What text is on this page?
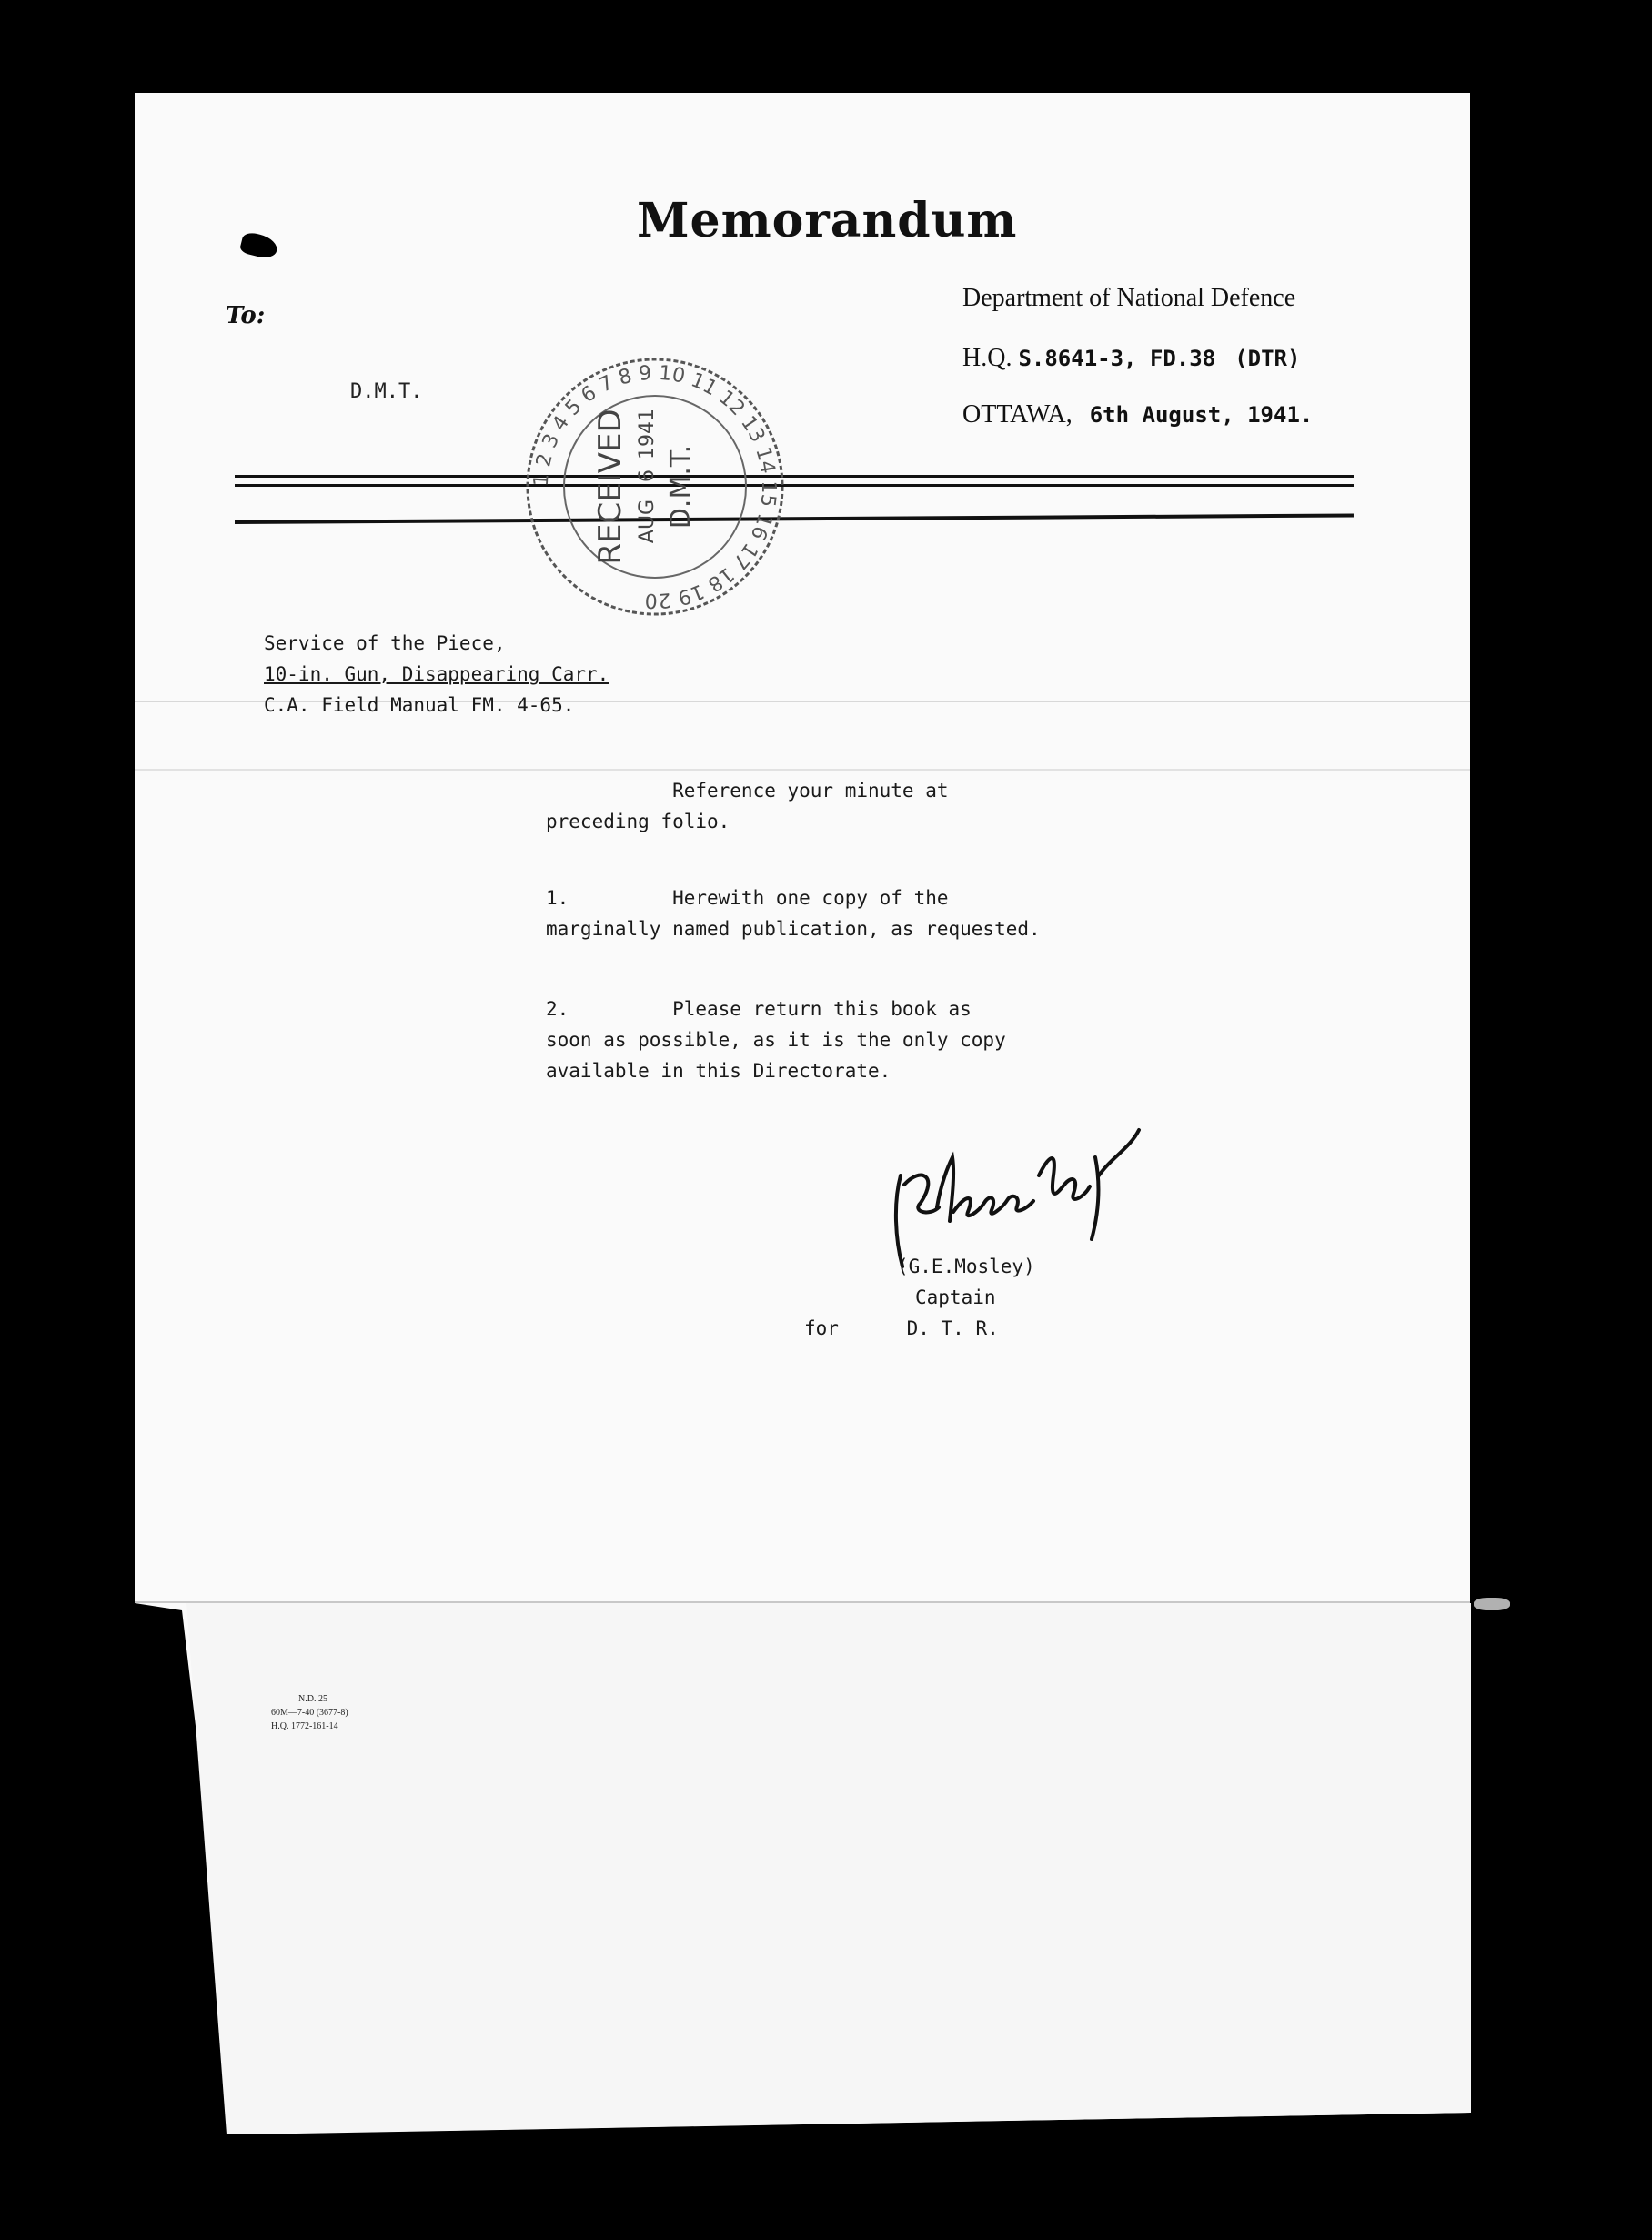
Memorandum
To:
D.M.T.
Department of National Defence
H.Q. S.8641-3, FD.38 (DTR)
OTTAWA, 6th August, 1941.
1 2 3 4 5 6 7 8 9 10 11 12 13 14 15 16 17 18 19 20
RECEIVED AUG
6
1941
D.M.T.
Service of the Piece,
10-in. Gun, Disappearing Carr.
C.A. Field Manual FM. 4-65.
Reference your minute at
preceding folio.
1.         Herewith one copy of the
marginally named publication, as requested.
2.         Please return this book as
soon as possible, as it is the only copy
available in this Directorate.
(G.E.Mosley)
Captain
for	D. T. R.
N.D. 25
60M—7-40 (3677-8)
H.Q. 1772-161-14
